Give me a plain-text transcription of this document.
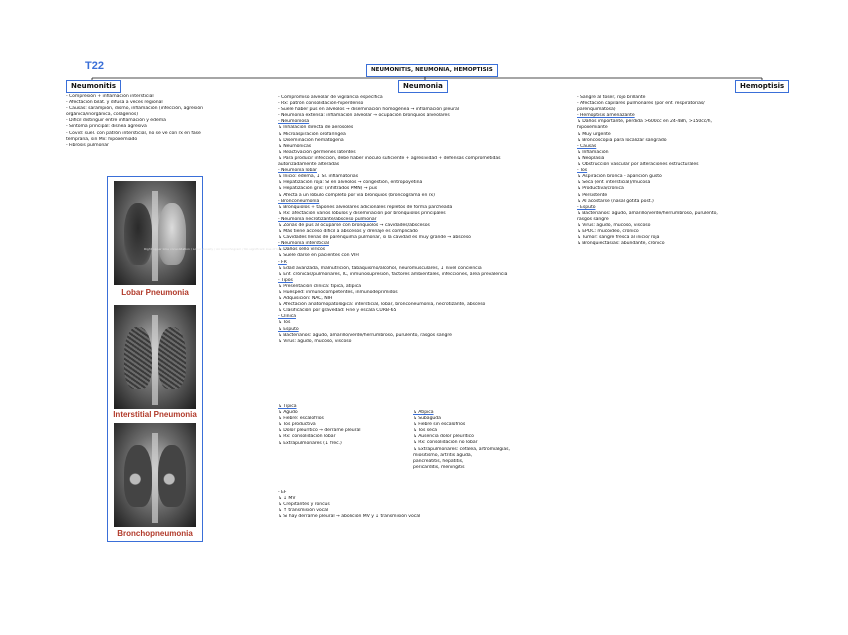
T22	NEUMONITIS, NEUMONIA, HEMOPTISIS
Neumonitis	Neumonia	Hemoptisis
- Compresión + inflamación intersticial
- Afectación bilat. y difusa a veces regional
- Causas: sarampión, dismo, inflamación (infección, agresión
orgánica/inorgánica, colágenos)
- Difícil distinguir entre inflamación y edema
- Síntoma principal: disnea agresiva
- Covid: suel. con patrón intersticial, no se ve con rx en fase
temprana, sin Mx: hipoxemiado
- Fibrosis pulmonar
Right upper lobe consolidation / Lobar density / Air bronchogram / No significant loss of lung volume
Lobar Pneumonia
Interstitial Pneumonia
Bronchopneumonia
- Compromiso alveolar de vigilancia específica
- Rx: patrón consolidación-hiperdenso
- Suele haber pus en alvéolos → diseminación homogénea → inflamación pleural
- Neumonía extensa: inflamación alveolar → ocupación bronquios alveolares
- Neumoníosa
↳ Inhalación directa de aerosoles
↳ Microaspiración orofaríngea
↳ Diseminación hematógena
↳ Neumónicas
↳ Reactivación gérmenes latentes
↳ Para producir infección, debe haber inóculo suficiente + agresividad + defensas comprometidas
autorizadamente alteradas
- Neumonía lobar
↳ Inicio: edema, ↓ Sl. inflamatorias
↳ Hepatización roja: Sl en alvéolos → congestión, eritropoyetina
↳ Hepatización gris: (infiltrados PMN) → pus
↳ Afecta a un lóbulo completo por vía bronquios (broncograma en rx)
- Bronconeumonía
↳ Bronquiolos + tapones alveolares adicionales repletos de forma parcheada
↳ Rx: afectación varios lóbulos y diseminación por bronquiolos principales
- Neumonía necrotizante/absceso pulmonar
↳ Zonas de pus al ocuparse con bronquiolos → cavidades/abscesos
↳ Más tiene acceso difícil a abscesos y drenaje es complicado
↳ Cavidades llenas de parénquima pulmonar, si la cavidad es muy grande → absceso
- Neumonía intersticial
↳ Daños sello víricos
↳ Suele darse en pacientes con VIH
- FR
↳ Edad avanzada, malnutrición, tabaquismo/alcohol, neuromusculares, ↓ nivel conciencia
↳ Enf. crónicas/pulmonares, IC, inmunosupresión, factores ambientales, infecciones, área prevalencia
- Tipos
↳ Presentación clínica: típica, atípica
↳ Huésped: inmunocompetentes, inmunodeprimidos
↳ Adquisición: NAC, NIH
↳ Afectación anatomopatológica: intersticial, lobar, bronconeumonía, necrotizante, absceso
↳ Clasificación por gravedad: Fine y escala CURB-65
- Clínica
↳ Tos
↳ Esputo
↳ Bacterianos: agudo, amarillo/verde/herrumbroso, purulento, rasgos sangre
↳ Virus: agudo, mucoso, viscoso
↳ Típica
↳ Agudo
↳ Fiebre: escalofríos
↳ Tos productiva
↳ Dolor pleurítico → derrame pleural
↳ Rx: consolidación lobar
↳ Extrapulmonares (↓ frec.)
↳ Atípica
↳ Subaguda
↳ Fiebre sin escalofríos
↳ Tos seca
↳ Ausencia dolor pleurítico
↳ Rx: consolidación no lobar
↳ Extrapulmonares: cefalea, artromialgias,
miositismo, artritis aguda,
pancreatitis, hepatitis,
pericarditis, meningitis
- EF
↳ ↓ MV
↳ Crepitantes y roncus
↳ ↑ transmisión vocal
↳ Si hay derrame pleural → abolición MV y ↓ transmisión vocal
- Sangre al toser, rojo brillante
- Afectación capilares pulmonares (por enf. respiratorias/
parenquimatosa)
- Hemoptisis amenazante
↳ Daños importante, pérdida >600cc en 24-48h, >150cc/h,
hipoxemiante
↳ Muy urgente
↳ Broncoscopia para localizar sangrado
- Causas
↳ Inflamación
↳ Neoplasia
↳ Obstrucción vascular por alteraciones estructurales
- Tos
↳ Aspiración bronca - aparición gusto
↳ Seca (enf. intersticial)/mucosa
↳ Productiva/crónica
↳ Persistente
↳ Al acostarse (nasal gotita post.)
- Esputo
↳ Bacterianos: agudo, amarillo/verde/herrumbroso, purulento,
rasgos sangre
↳ Virus: agudo, mucoso, viscoso
↳ EPOC: mucoideo, crónico
↳ Tumor: sangre fresca al inicio/ roja
↳ Bronquiectasias: abundante, crónico
